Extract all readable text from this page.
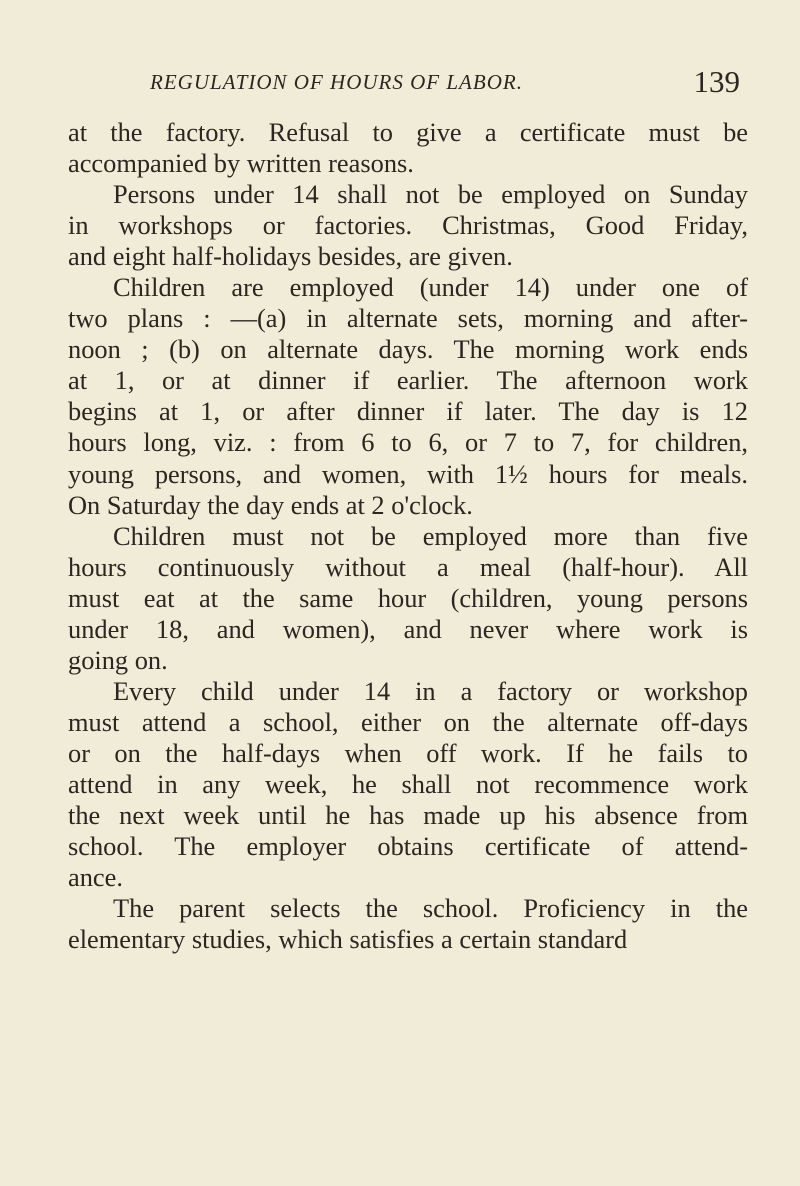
REGULATION OF HOURS OF LABOR.	139
at the factory. Refusal to give a certificate must be
accompanied by written reasons.
Persons under 14 shall not be employed on Sunday
in workshops or factories. Christmas, Good Friday,
and eight half-holidays besides, are given.
Children are employed (under 14) under one of
two plans : —(a) in alternate sets, morning and after-
noon ; (b) on alternate days. The morning work ends
at 1, or at dinner if earlier. The afternoon work
begins at 1, or after dinner if later. The day is 12
hours long, viz. : from 6 to 6, or 7 to 7, for children,
young persons, and women, with 1½ hours for meals.
On Saturday the day ends at 2 o'clock.
Children must not be employed more than five
hours continuously without a meal (half-hour). All
must eat at the same hour (children, young persons
under 18, and women), and never where work is
going on.
Every child under 14 in a factory or workshop
must attend a school, either on the alternate off-days
or on the half-days when off work. If he fails to
attend in any week, he shall not recommence work
the next week until he has made up his absence from
school. The employer obtains certificate of attend-
ance.
The parent selects the school. Proficiency in the
elementary studies, which satisfies a certain standard
